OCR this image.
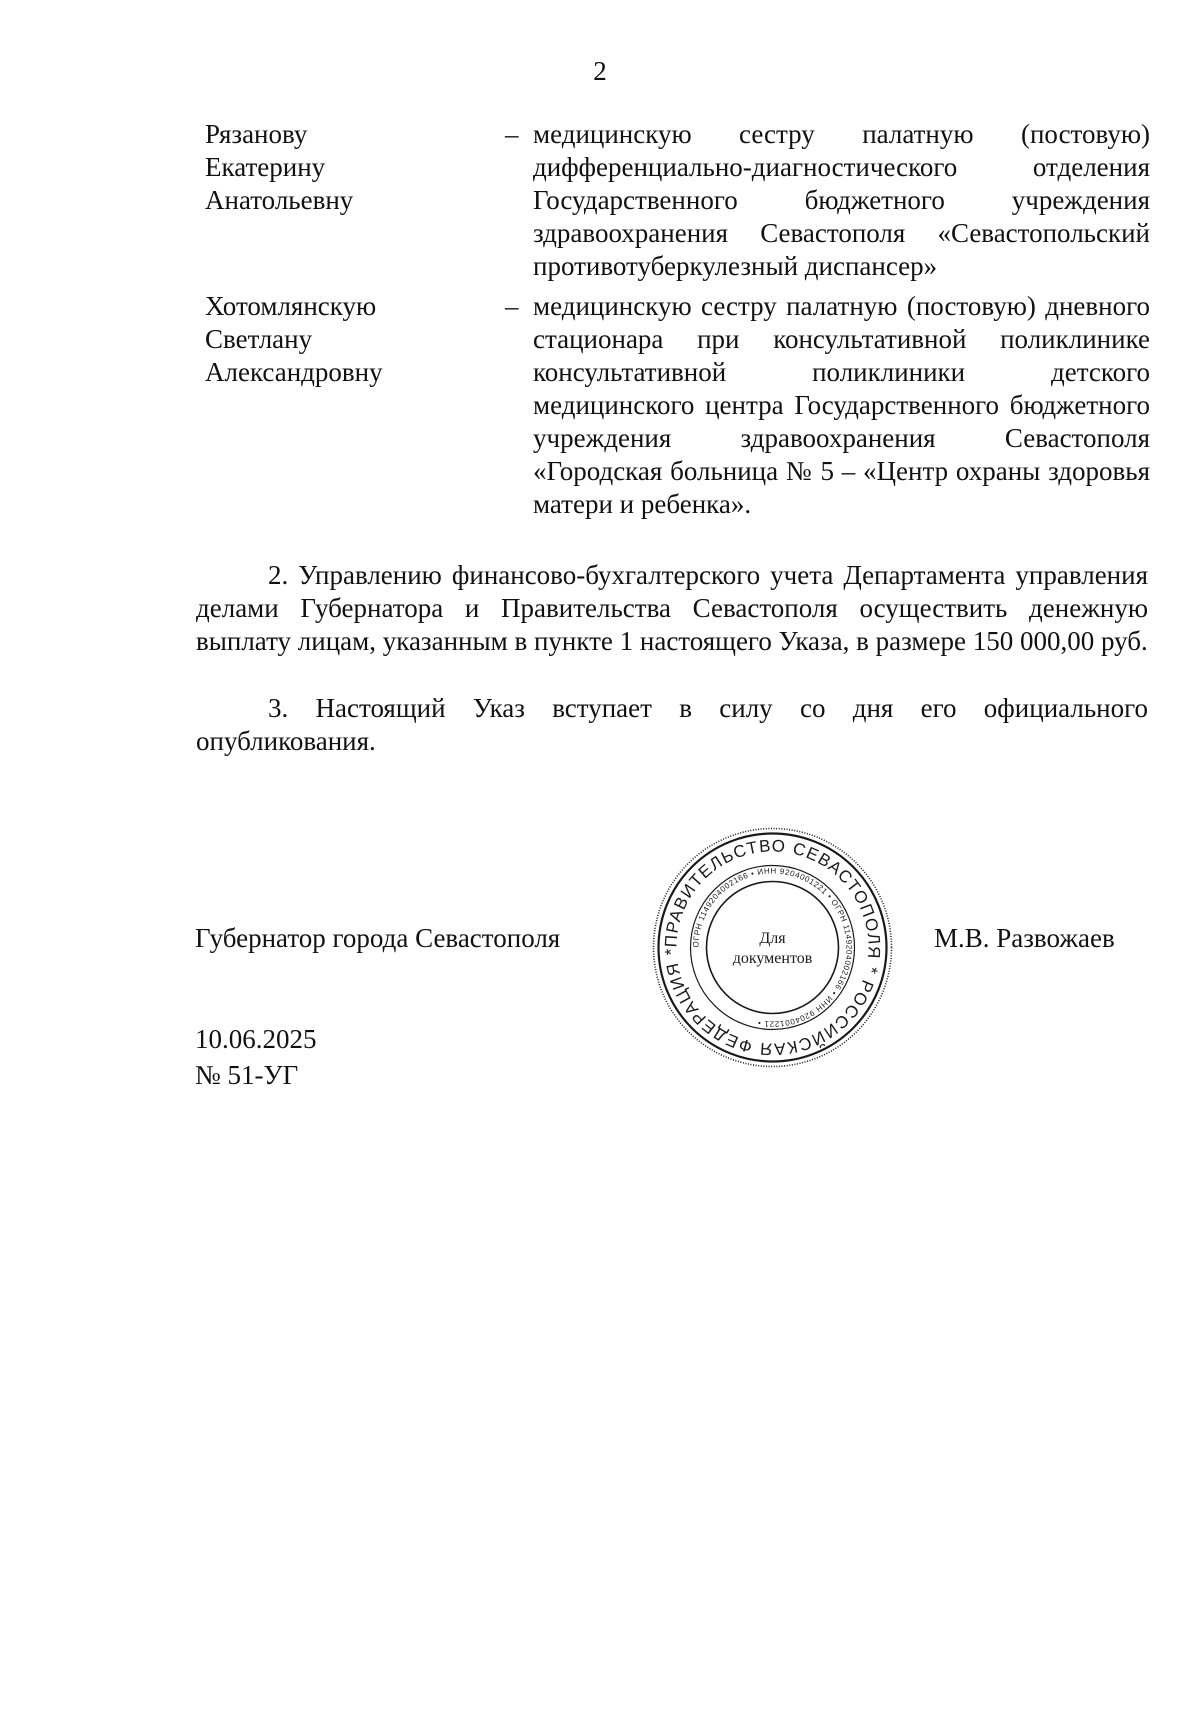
2
Рязанову
Екатерину
Анатольевну
– медицинскую сестру палатную (постовую) дифференциально-диагностического отделения Государственного бюджетного учреждения здравоохранения Севастополя «Севастопольский противотуберкулезный диспансер»
Хотомлянскую
Светлану
Александровну
– медицинскую сестру палатную (постовую) дневного стационара при консультативной поликлинике консультативной поликлиники детского медицинского центра Государственного бюджетного учреждения здравоохранения Севастополя «Городская больница № 5 – «Центр охраны здоровья матери и ребенка».

2. Управлению финансово-бухгалтерского учета Департамента управления делами Губернатора и Правительства Севастополя осуществить денежную выплату лицам, указанным в пункте 1 настоящего Указа, в размере 150 000,00 руб.

3. Настоящий Указ вступает в силу со дня его официального опубликования.

Губернатор города Севастополя	ПРАВИТЕЛЬСТВО СЕВАСТОПОЛЯ * РОССИЙСКАЯ ФЕДЕРАЦИЯ *
ОГРН 1149204002166 • ИНН 9204001221 • ОГРН 1149204002166 • ИНН 9204001221 •
Для
документов
М.В. Развожаев
10.06.2025
№ 51-УГ
